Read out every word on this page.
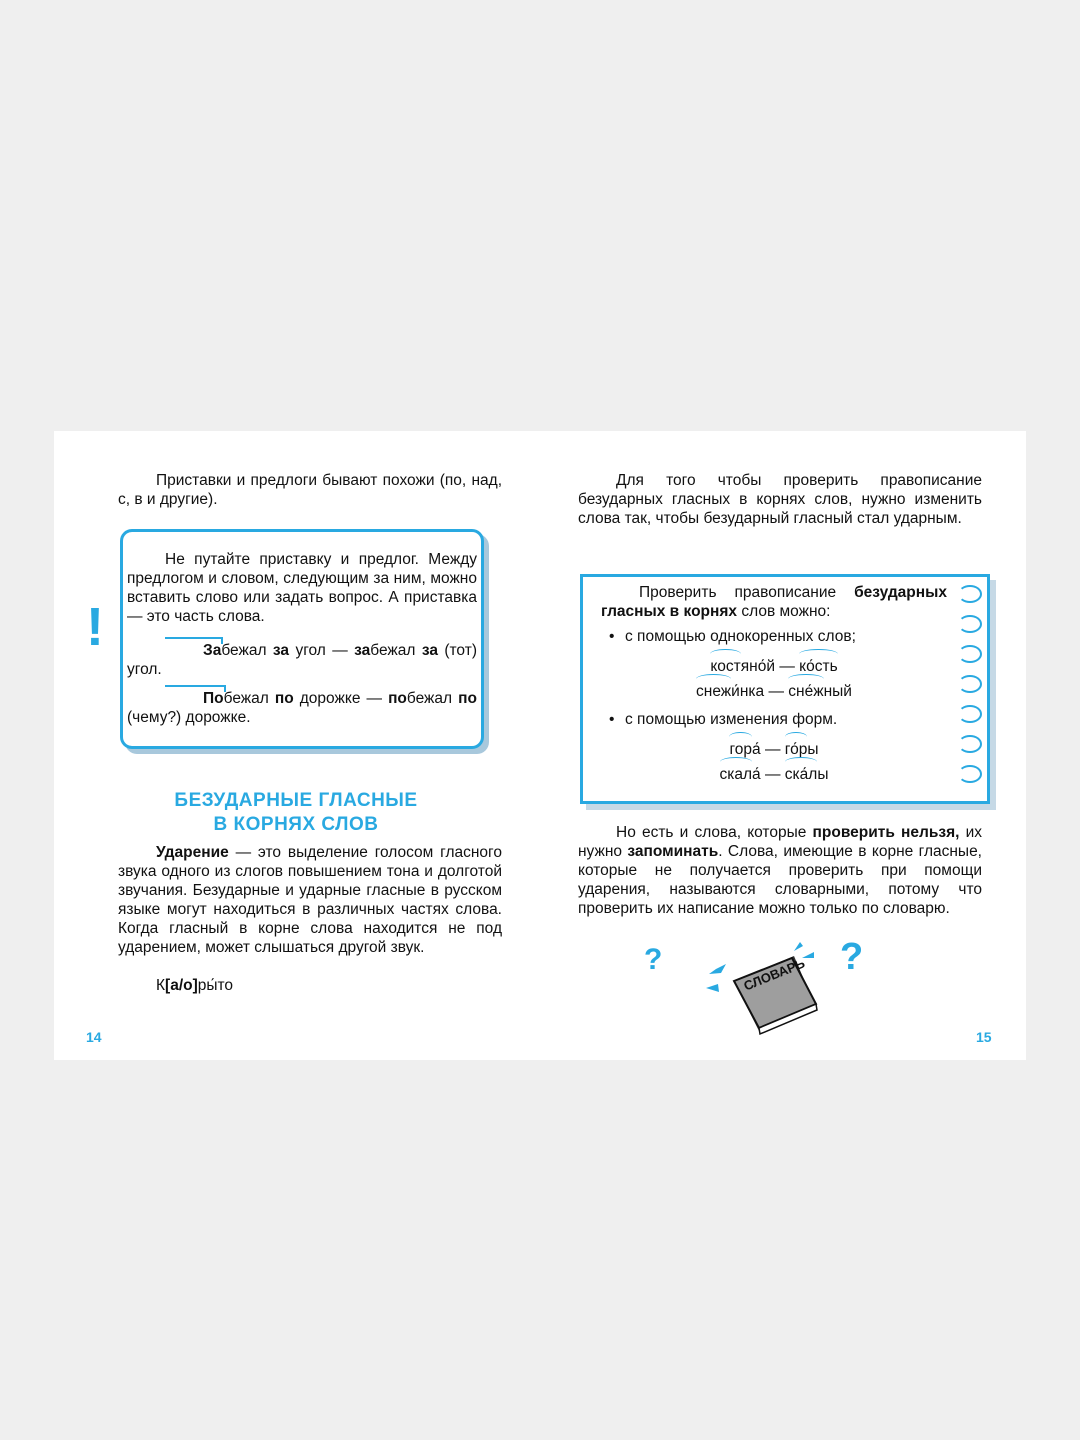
Приставки и предлоги бывают похожи (по, над, с, в и другие).

!

Не путайте приставку и предлог. Между предлогом и словом, следующим за ним, можно вставить слово или задать вопрос. А приставка — это часть слова.

Забежал за угол — забежал за (тот) угол.

Побежал по дорожке — побежал по (чему?) дорожке.

БЕЗУДАРНЫЕ ГЛАСНЫЕ
В КОРНЯХ СЛОВ

Ударение — это выделение голосом гласного звука одного из слогов повышением тона и долготой звучания. Безударные и ударные гласные в русском языке могут находиться в различных частях слова. Когда гласный в корне слова находится не под ударением, может слышаться другой звук.

К[а/о]ры́то

14

Для того чтобы проверить правописание безударных гласных в корнях слов, нужно изменить слова так, чтобы безударный гласный стал ударным.

Проверить правописание безударных гласных в корнях слов можно:

• с помощью однокоренных слов;

костяно́й — ко́сть
снежи́нка — сне́жный

• с помощью изменения форм.

гора́ — го́ры
скала́ — ска́лы

Но есть и слова, которые проверить нельзя, их нужно запоминать. Слова, имеющие в корне гласные, которые не получается проверить при помощи ударения, называются словарными, потому что проверить их написание можно только по словарю.

?	?
СЛОВАРЬ
15
